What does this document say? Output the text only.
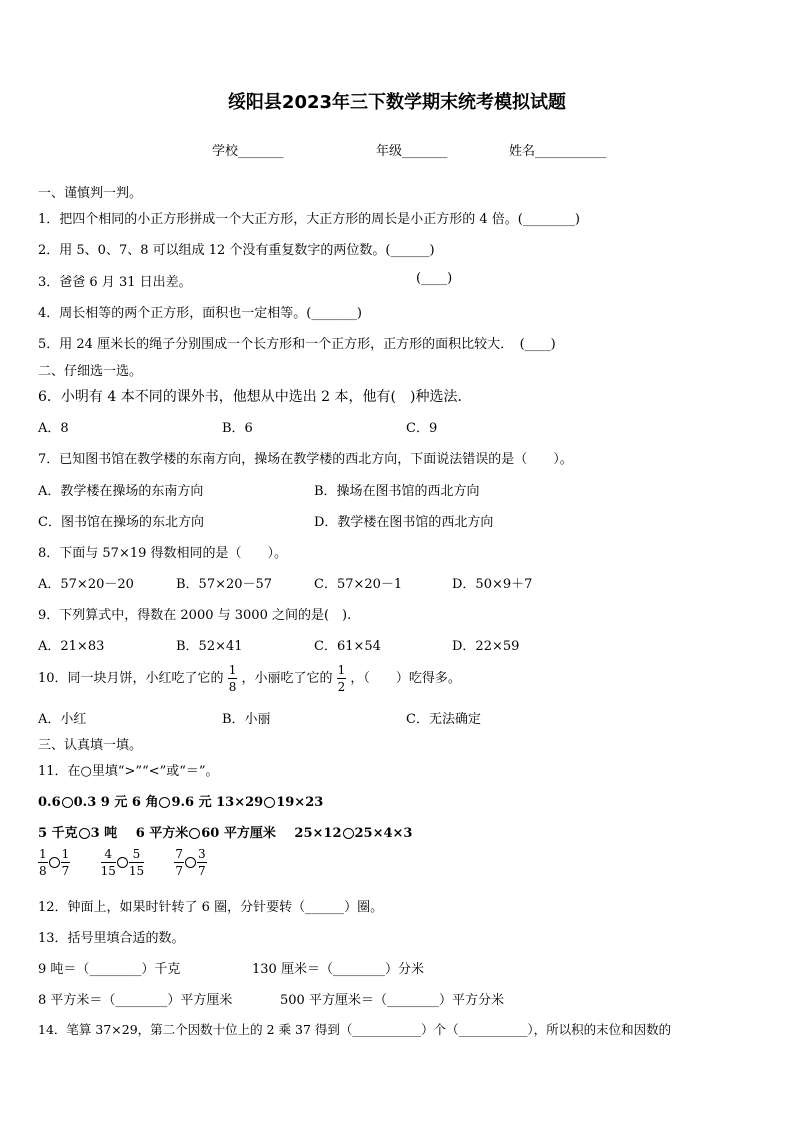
绥阳县2023年三下数学期末统考模拟试题
学校_______	年级_______	姓名___________
一、谨慎判一判。
1．把四个相同的小正方形拼成一个大正方形，大正方形的周长是小正方形的 4 倍。(________)
2．用 5、0、7、8 可以组成 12 个没有重复数字的两位数。(______)
3．爸爸 6 月 31 日出差。	(____)
4．周长相等的两个正方形，面积也一定相等。(_______)
5．用 24 厘米长的绳子分别围成一个长方形和一个正方形，正方形的面积比较大．　(____)
二、仔细选一选。
6．小明有 4 本不同的课外书，他想从中选出 2 本，他有(　)种选法．
A．8	B．6	C．9
7．已知图书馆在教学楼的东南方向，操场在教学楼的西北方向，下面说法错误的是（　　）。
A．教学楼在操场的东南方向	B．操场在图书馆的西北方向
C．图书馆在操场的东北方向	D．教学楼在图书馆的西北方向
8．下面与 57×19 得数相同的是（　　）。
A．57×20－20	B．57×20－57	C．57×20－1	D．50×9＋7
9．下列算式中，得数在 2000 与 3000 之间的是(　).
A．21×83	B．52×41	C．61×54	D．22×59
10．同一块月饼，小红吃了它的 $\frac{1}{8}$ ，小丽吃了它的 $\frac{1}{2}$ ，（　　）吃得多。
A．小红	B．小丽	C．无法确定
三、认真填一填。
11．在○里填“>”“<”或“＝”。
0.6 0.3 9 元 6 角 9.6 元 13×29 19×23
5 千克 3 吨 6 平方米 60 平方厘米 25×12 25×4×3
$\frac{1}{8} \frac{1}{7}$
	$\frac{4}{15} \frac{5}{15}$
	$\frac{7}{7} \frac{3}{7}$
12．钟面上，如果时针转了 6 圈，分针要转（______）圈。
13．括号里填合适的数。
9 吨＝（________）千克	130 厘米＝（________）分米
8 平方米＝（________）平方厘米	500 平方厘米＝（________）平方分米
14．笔算 37×29，第二个因数十位上的 2 乘 37 得到（___________）个（___________），所以积的末位和因数的
